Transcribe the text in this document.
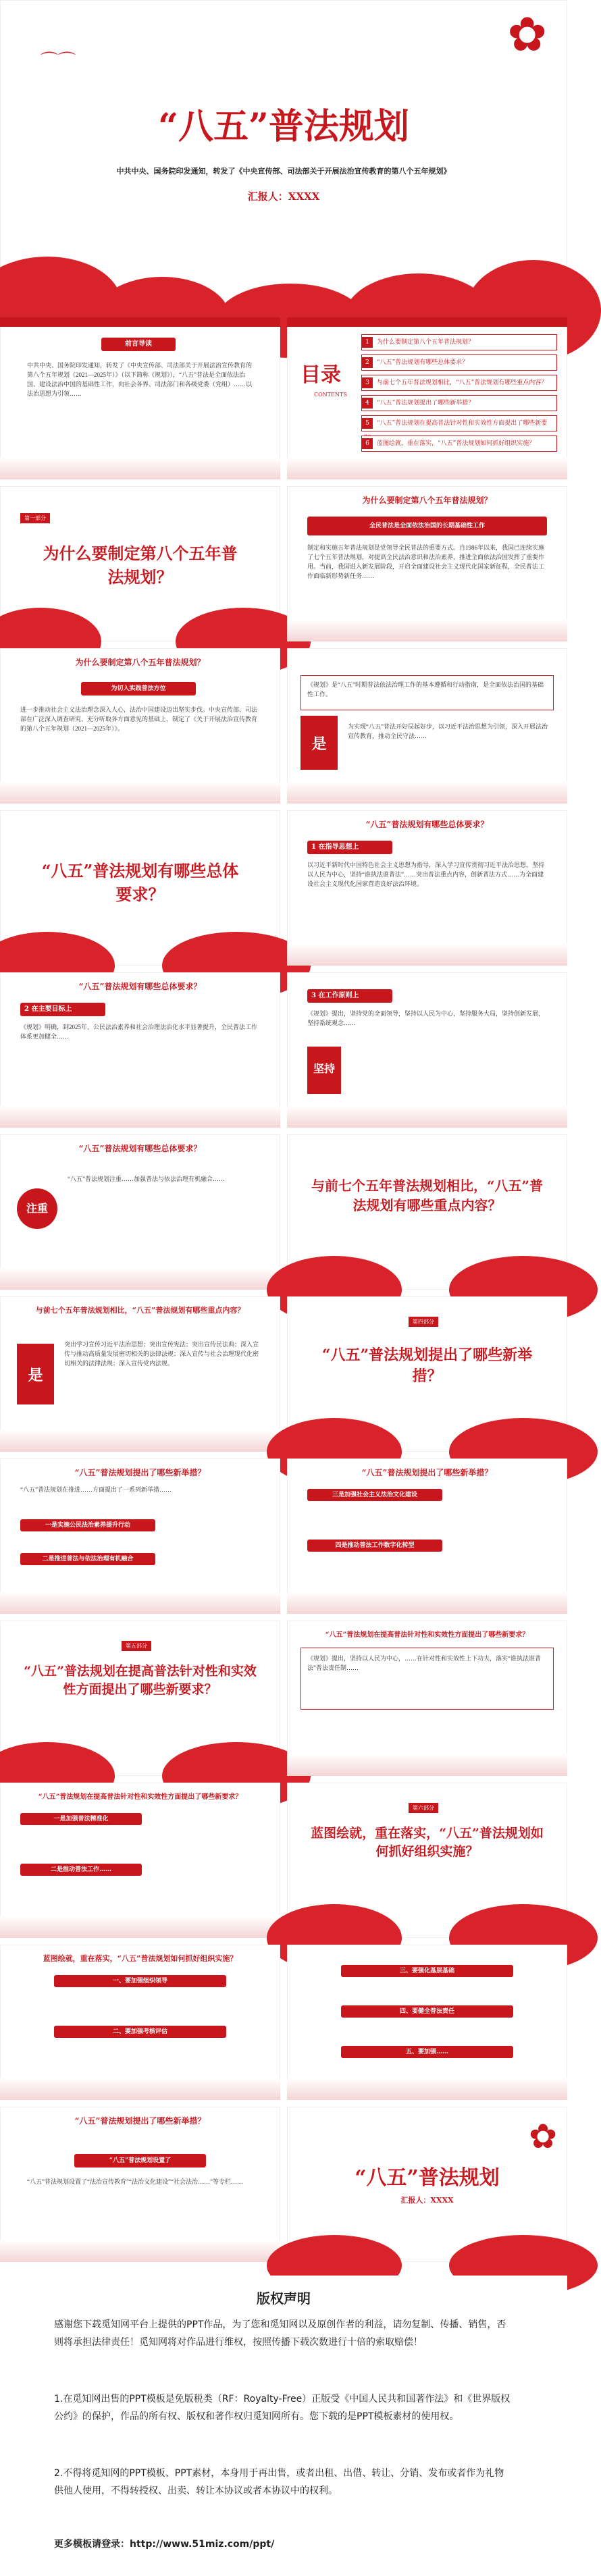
✿
⌒⌒
“八五”普法规划
中共中央、国务院印发通知，转发了《中央宣传部、司法部关于开展法治宣传教育的第八个五年规划》
汇报人：XXXX
前言导读
中共中央、国务院印发通知，转发了《中央宣传部、司法部关于开展法治宣传教育的第八个五年规划（2021—2025年）》（以下简称《规划》），“八五”普法是全面依法治国、建设法治中国的基础性工作，向社会各界、司法部门和各级党委（党组）……以法治思想为引领……
目录
CONTENTS
1 为什么要制定第八个五年普法规划？
2 “八五”普法规划有哪些总体要求？
3 与前七个五年普法规划相比，“八五”普法规划有哪些重点内容？
4 “八五”普法规划提出了哪些新举措？
5 “八五”普法规划在提高普法针对性和实效性方面提出了哪些新要
6 蓝图绘就，重在落实，“八五”普法规划如何抓好组织实施？
第一部分
为什么要制定第八个五年普法规划？
为什么要制定第八个五年普法规划？
全民普法是全面依法治国的长期基础性工作
制定和实施五年普法规划是党领导全民普法的重要方式。自1986年以来，我国已连续实施了七个五年普法规划，对提高全民法治意识和法治素养，推进全面依法治国发挥了重要作用。当前，我国进入新发展阶段，开启全面建设社会主义现代化国家新征程，全民普法工作面临新形势新任务……
为什么要制定第八个五年普法规划？
为切入实践普法方位
进一步推动社会主义法治理念深入人心，法治中国建设迈出坚实步伐。中央宣传部、司法部在广泛深入调查研究、充分听取各方面意见的基础上，制定了《关于开展法治宣传教育的第八个五年规划（2021—2025年）》。
《规划》是“八五”时期普法依法治理工作的基本遵循和行动指南，是全面依法治国的基础性工作。
是
为实现“八五”普法开好局起好步，以习近平法治思想为引领，深入开展法治宣传教育，推动全民守法……
“八五”普法规划有哪些总体要求？
“八五”普法规划有哪些总体要求？
1 在指导思想上
以习近平新时代中国特色社会主义思想为指导，深入学习宣传贯彻习近平法治思想，坚持以人民为中心，坚持“谁执法谁普法”……突出普法重点内容，创新普法方式……为全面建设社会主义现代化国家营造良好法治环境。
“八五”普法规划有哪些总体要求？
2 在主要目标上
《规划》明确，到2025年，公民法治素养和社会治理法治化水平显著提升，全民普法工作体系更加健全……
3 在工作原则上
《规划》提出，坚持党的全面领导，坚持以人民为中心，坚持服务大局，坚持创新发展，坚持系统观念……
坚持
“八五”普法规划有哪些总体要求？
注重
“八五”普法规划注重……加强普法与依法治理有机融合……	与前七个五年普法规划相比，“八五”普法规划有哪些重点内容？
与前七个五年普法规划相比，“八五”普法规划有哪些重点内容？
是
突出学习宣传习近平法治思想；突出宣传宪法；突出宣传民法典；深入宣传与推动高质量发展密切相关的法律法规；深入宣传与社会治理现代化密切相关的法律法规；深入宣传党内法规。
第四部分
“八五”普法规划提出了哪些新举措？
“八五”普法规划提出了哪些新举措？
“八五”普法规划在推进……方面提出了一系列新举措……
一是实施公民法治素养提升行动
二是推进普法与依法治理有机融合
“八五”普法规划提出了哪些新举措？
三是加强社会主义法治文化建设
四是推动普法工作数字化转型
第五部分
“八五”普法规划在提高普法针对性和实效性方面提出了哪些新要求？
“八五”普法规划在提高普法针对性和实效性方面提出了哪些新要求？
《规划》提出，坚持以人民为中心，……在针对性和实效性上下功夫，落实“谁执法谁普法”普法责任制……
“八五”普法规划在提高普法针对性和实效性方面提出了哪些新要求？
一是加强普法精准化
二是推动普法工作……
第六部分
蓝图绘就，重在落实，“八五”普法规划如何抓好组织实施？
蓝图绘就，重在落实，“八五”普法规划如何抓好组织实施？
一、要加强组织领导
二、要加强考核评估
三、要强化基层基础
四、要健全普法责任
五、要加强……
“八五”普法规划提出了哪些新举措？
“八五”普法规划设置了
“八五”普法规划设置了“法治宣传教育”“法治文化建设”“社会法治……”等专栏……
✿
“八五”普法规划
汇报人：XXXX
版权声明

感谢您下载觅知网平台上提供的PPT作品，为了您和觅知网以及原创作者的利益，请勿复制、传播、销售，否则将承担法律责任！觅知网将对作品进行维权，按照传播下载次数进行十倍的索取赔偿！

1.在觅知网出售的PPT模板是免版税类（RF：Royalty-Free）正版受《中国人民共和国著作法》和《世界版权公约》的保护，作品的所有权、版权和著作权归觅知网所有。您下载的是PPT模板素材的使用权。

2.不得将觅知网的PPT模板、PPT素材，本身用于再出售，或者出租、出借、转让、分销、发布或者作为礼物供他人使用，不得转授权、出卖、转让本协议或者本协议中的权利。

更多模板请登录：http://www.51miz.com/ppt/
